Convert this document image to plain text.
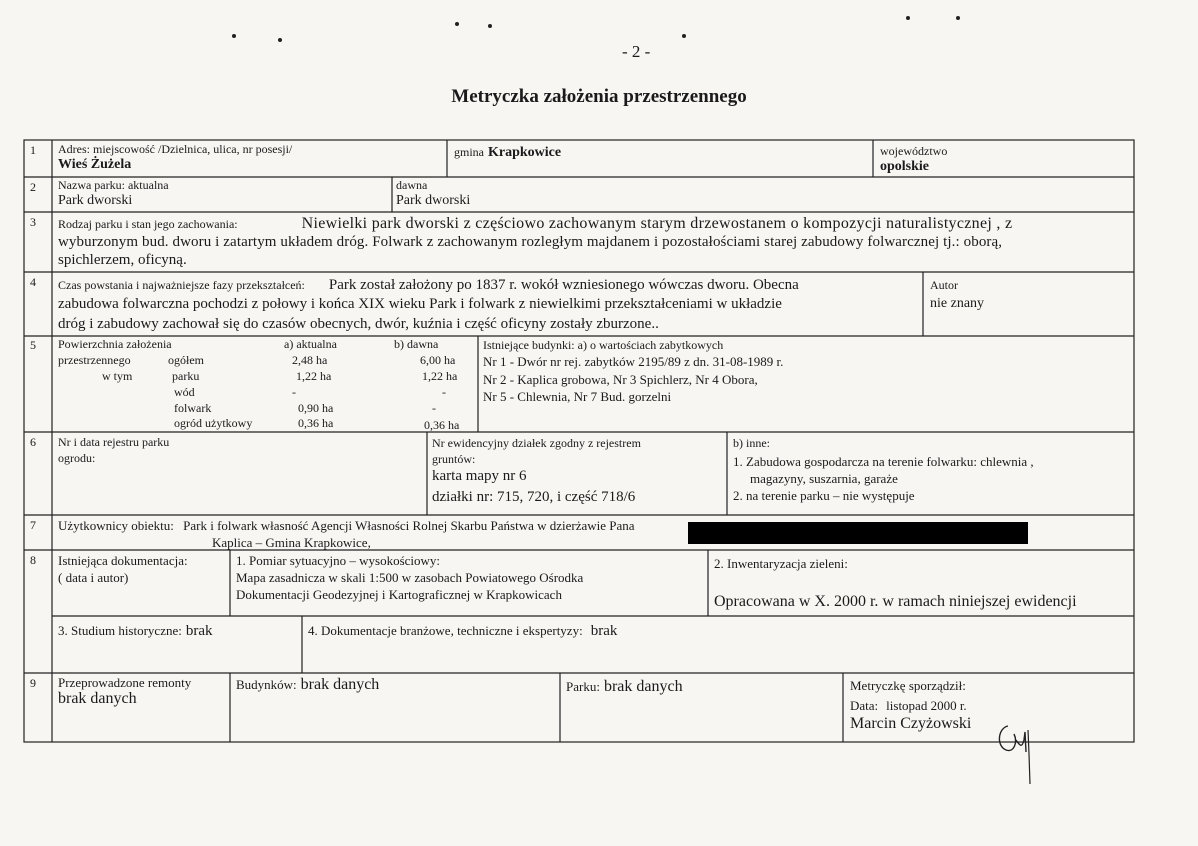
- 2 -
Metryczka założenia przestrzennego
1 Adres: miejscowość /Dzielnica, ulica, nr posesji/
Wieś Żużela
gmina Krapkowice	województwo
opolskie
2 Nazwa parku: aktualna
Park dworski
dawna
Park dworski
3 Rodzaj parku i stan jego zachowania:	Niewielki park dworski z częściowo zachowanym starym drzewostanem o kompozycji naturalistycznej , z
wyburzonym bud. dworu i zatartym układem dróg. Folwark z zachowanym rozległym majdanem i pozostałościami starej zabudowy folwarcznej tj.: oborą,
spichlerzem, oficyną.
4 Czas powstania i najważniejsze fazy przekształceń: Park został założony po 1837 r. wokół wzniesionego wówczas dworu. Obecna
zabudowa folwarczna pochodzi z połowy i końca XIX wieku Park i folwark z niewielkimi przekształceniami w układzie
dróg i zabudowy zachował się do czasów obecnych, dwór, kuźnia i część oficyny zostały zburzone..
Autor
nie znany
5 Powierzchnia założenia
przestrzennego
a) aktualna	b) dawna
ogółem	2,48 ha	6,00 ha
w tym	parku	1,22 ha	1,22 ha
wód	-	-
folwark	0,90 ha	-
ogród użytkowy	0,36 ha	0,36 ha
Istniejące budynki: a) o wartościach zabytkowych
Nr 1 - Dwór nr rej. zabytków 2195/89 z dn. 31-08-1989 r.
Nr 2 - Kaplica grobowa, Nr 3 Spichlerz, Nr 4 Obora,
Nr 5 - Chlewnia, Nr 7 Bud. gorzelni
6 Nr i data rejestru parku
ogrodu:
Nr ewidencyjny działek zgodny z rejestrem
gruntów:
karta mapy nr 6
działki nr: 715, 720, i część 718/6
b) inne:
1. Zabudowa gospodarcza na terenie folwarku: chlewnia ,
magazyny, suszarnia, garaże
2. na terenie parku – nie występuje
7 Użytkownicy obiektu: Park i folwark własność Agencji Własności Rolnej Skarbu Państwa w dzierżawie Pana
Kaplica – Gmina Krapkowice,
8 Istniejąca dokumentacja:
( data i autor)
1. Pomiar sytuacyjno – wysokościowy:
Mapa zasadnicza w skali 1:500 w zasobach Powiatowego Ośrodka
Dokumentacji Geodezyjnej i Kartograficznej w Krapkowicach
2. Inwentaryzacja zieleni:
Opracowana w X. 2000 r. w ramach niniejszej ewidencji
3. Studium historyczne: brak	4. Dokumentacje branżowe, techniczne i ekspertyzy: brak
9 Przeprowadzone remonty
brak danych
Budynków: brak danych	Parku: brak danych	Metryczkę sporządził:
Data: listopad 2000 r.
Marcin Czyżowski
